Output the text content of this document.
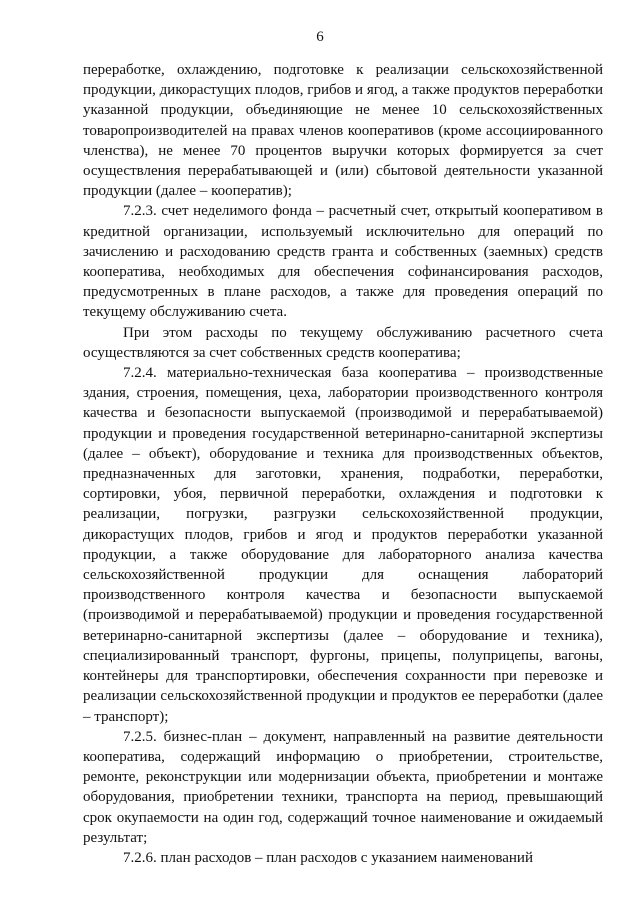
6

переработке, охлаждению, подготовке к реализации сельскохозяйственной продукции, дикорастущих плодов, грибов и ягод, а также продуктов переработки указанной продукции, объединяющие не менее 10 сельскохозяйственных товаропроизводителей на правах членов кооперативов (кроме ассоциированного членства), не менее 70 процентов выручки которых формируется за счет осуществления перерабатывающей и (или) сбытовой деятельности указанной продукции (далее – кооператив);

7.2.3. счет неделимого фонда – расчетный счет, открытый кооперативом в кредитной организации, используемый исключительно для операций по зачислению и расходованию средств гранта и собственных (заемных) средств кооператива, необходимых для обеспечения софинансирования расходов, предусмотренных в плане расходов, а также для проведения операций по текущему обслуживанию счета.

При этом расходы по текущему обслуживанию расчетного счета осуществляются за счет собственных средств кооператива;

7.2.4. материально-техническая база кооператива – производственные здания, строения, помещения, цеха, лаборатории производственного контроля качества и безопасности выпускаемой (производимой и перерабатываемой) продукции и проведения государственной ветеринарно-санитарной экспертизы (далее – объект), оборудование и техника для производственных объектов, предназначенных для заготовки, хранения, подработки, переработки, сортировки, убоя, первичной переработки, охлаждения и подготовки к реализации, погрузки, разгрузки сельскохозяйственной продукции, дикорастущих плодов, грибов и ягод и продуктов переработки указанной продукции, а также оборудование для лабораторного анализа качества сельскохозяйственной продукции для оснащения лабораторий производственного контроля качества и безопасности выпускаемой (производимой и перерабатываемой) продукции и проведения государственной ветеринарно-санитарной экспертизы (далее – оборудование и техника), специализированный транспорт, фургоны, прицепы, полуприцепы, вагоны, контейнеры для транспортировки, обеспечения сохранности при перевозке и реализации сельскохозяйственной продукции и продуктов ее переработки (далее – транспорт);

7.2.5. бизнес-план – документ, направленный на развитие деятельности кооператива, содержащий информацию о приобретении, строительстве, ремонте, реконструкции или модернизации объекта, приобретении и монтаже оборудования, приобретении техники, транспорта на период, превышающий срок окупаемости на один год, содержащий точное наименование и ожидаемый результат;

7.2.6. план расходов – план расходов с указанием наименований
